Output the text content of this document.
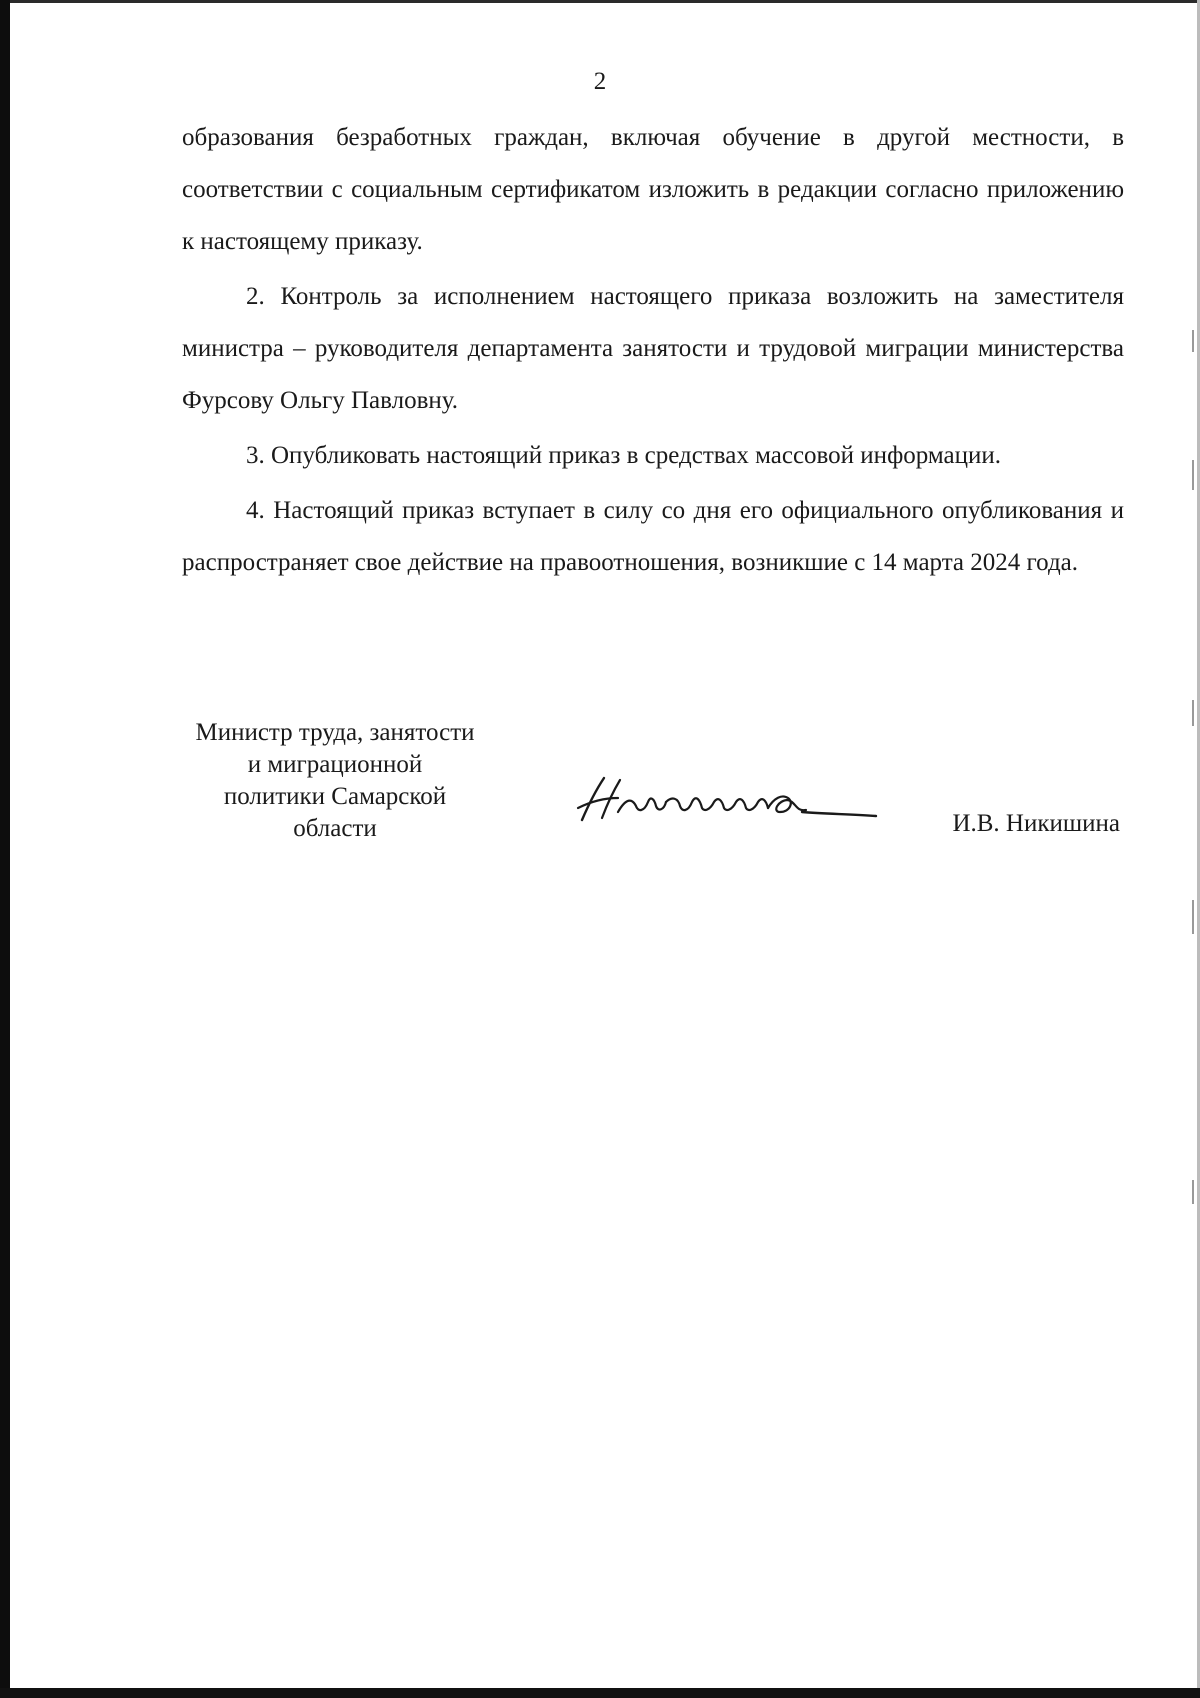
2

образования безработных граждан, включая обучение в другой местности, в соответствии с социальным сертификатом изложить в редакции согласно приложению к настоящему приказу.

2. Контроль за исполнением настоящего приказа возложить на заместителя министра – руководителя департамента занятости и трудовой миграции министерства Фурсову Ольгу Павловну.

3. Опубликовать настоящий приказ в средствах массовой информации.

4. Настоящий приказ вступает в силу со дня его официального опубликования и распространяет свое действие на правоотношения, возникшие с 14 марта 2024 года.

Министр труда, занятости
и миграционной
политики Самарской
области	И.В. Никишина
